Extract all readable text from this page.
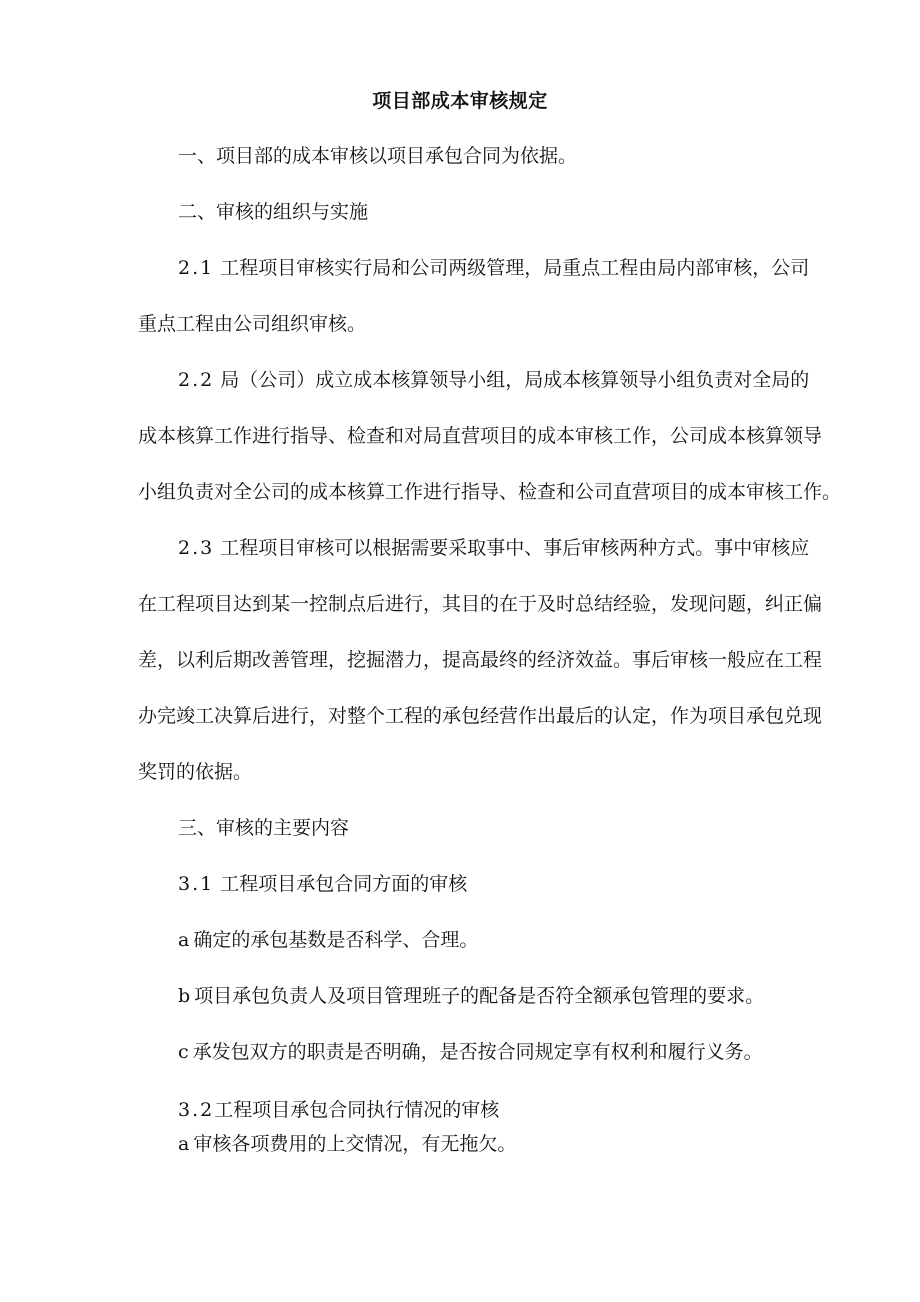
项目部成本审核规定
一、项目部的成本审核以项目承包合同为依据。
二、审核的组织与实施
2.1 工程项目审核实行局和公司两级管理，局重点工程由局内部审核，公司
重点工程由公司组织审核。
2.2 局（公司）成立成本核算领导小组，局成本核算领导小组负责对全局的
成本核算工作进行指导、检查和对局直营项目的成本审核工作，公司成本核算领导
小组负责对全公司的成本核算工作进行指导、检查和公司直营项目的成本审核工作。
2.3 工程项目审核可以根据需要采取事中、事后审核两种方式。事中审核应
在工程项目达到某一控制点后进行，其目的在于及时总结经验，发现问题，纠正偏
差，以利后期改善管理，挖掘潜力，提高最终的经济效益。事后审核一般应在工程
办完竣工决算后进行，对整个工程的承包经营作出最后的认定，作为项目承包兑现
奖罚的依据。
三、审核的主要内容
3.1 工程项目承包合同方面的审核
a 确定的承包基数是否科学、合理。
b 项目承包负责人及项目管理班子的配备是否符全额承包管理的要求。
c 承发包双方的职责是否明确，是否按合同规定享有权利和履行义务。
3.2工程项目承包合同执行情况的审核
a 审核各项费用的上交情况，有无拖欠。
